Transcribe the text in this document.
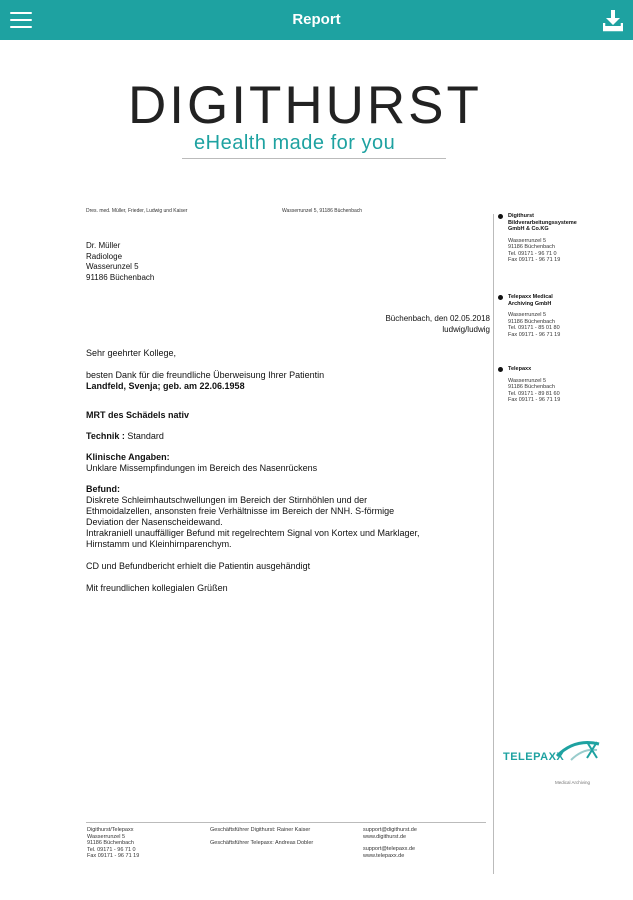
Report
DIGITHURST
eHealth made for you
Dres. med. Müller, Frieder, Ludwig und Kaiser	Wasserrunzel 5, 91186 Büchenbach
Dr. Müller
Radiologe
Wasserunzel 5
91186 Büchenbach
Büchenbach, den 02.05.2018
ludwig/ludwig
Sehr geehrter Kollege,
besten Dank für die freundliche Überweisung Ihrer Patientin
Landfeld, Svenja; geb. am 22.06.1958
MRT des Schädels nativ
Technik : Standard
Klinische Angaben:
Unklare Missempfindungen im Bereich des Nasenrückens
Befund:
Diskrete Schleimhautschwellungen im Bereich der Stirnhöhlen und der
Ethmoidalzellen, ansonsten freie Verhältnisse im Bereich der NNH. S-förmige
Deviation der Nasenscheidewand.
Intrakraniell unauffälliger Befund mit regelrechtem Signal von Kortex und Marklager,
Hirnstamm und Kleinhirnparenchym.
CD und Befundbericht erhielt die Patientin ausgehändigt
Mit freundlichen kollegialen Grüßen
Digithurst
Bildverarbeitungssysteme
GmbH & Co.KG
Wasserrunzel 5
91186 Büchenbach
Tel. 09171 - 96 71 0
Fax 09171 - 96 71 19
Telepaxx Medical
Archiving GmbH
Wasserrunzel 5
91186 Büchenbach
Tel. 09171 - 85 01 80
Fax 09171 - 96 71 19
Telepaxx
Wasserrunzel 5
91186 Büchenbach
Tel. 09171 - 89 81 60
Fax 09171 - 96 71 19
TELEPAXX
Medical Archiving
Digithurst/Telepaxx
Wasserrunzel 5
91186 Büchenbach
Tel. 09171 - 96 71 0
Fax 09171 - 96 71 19
Geschäftsführer Digithurst: Rainer Kaiser
Geschäftsführer Telepaxx: Andreas Dobler
support@digithurst.de
www.digithurst.de
support@telepaxx.de
www.telepaxx.de
